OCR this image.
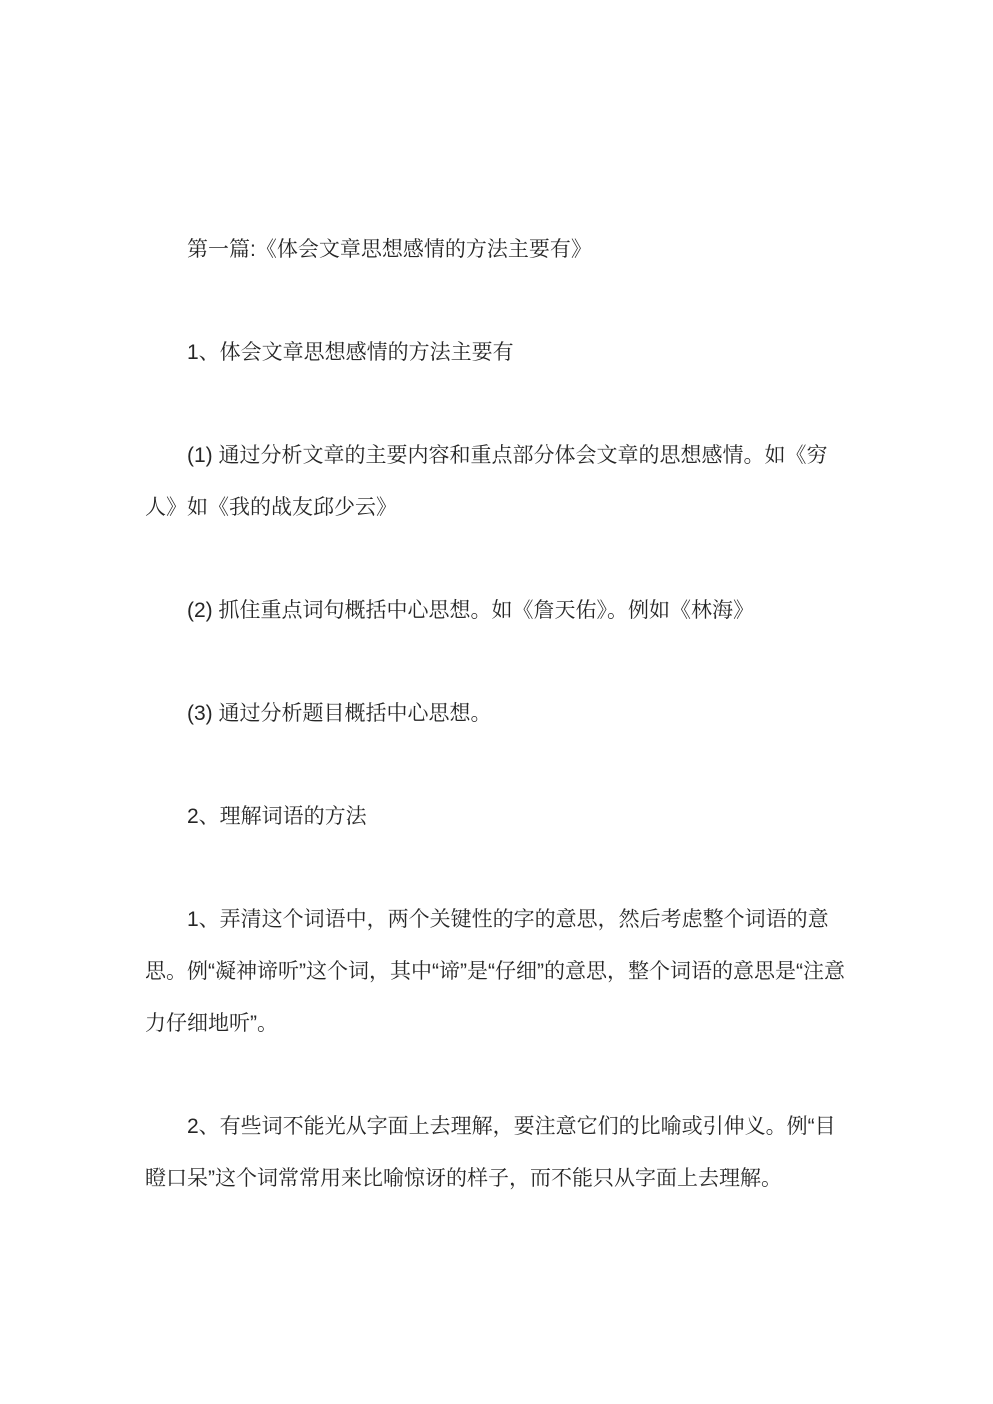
第一篇:《体会文章思想感情的方法主要有》

1、体会文章思想感情的方法主要有

(1) 通过分析文章的主要内容和重点部分体会文章的思想感情。如《穷人》如《我的战友邱少云》

(2) 抓住重点词句概括中心思想。如《詹天佑》。例如《林海》

(3) 通过分析题目概括中心思想。

2、理解词语的方法

1、弄清这个词语中，两个关键性的字的意思，然后考虑整个词语的意思。例“凝神谛听”这个词，其中“谛”是“仔细”的意思，整个词语的意思是“注意力仔细地听”。

2、有些词不能光从字面上去理解，要注意它们的比喻或引伸义。例“目瞪口呆”这个词常常用来比喻惊讶的样子，而不能只从字面上去理解。
